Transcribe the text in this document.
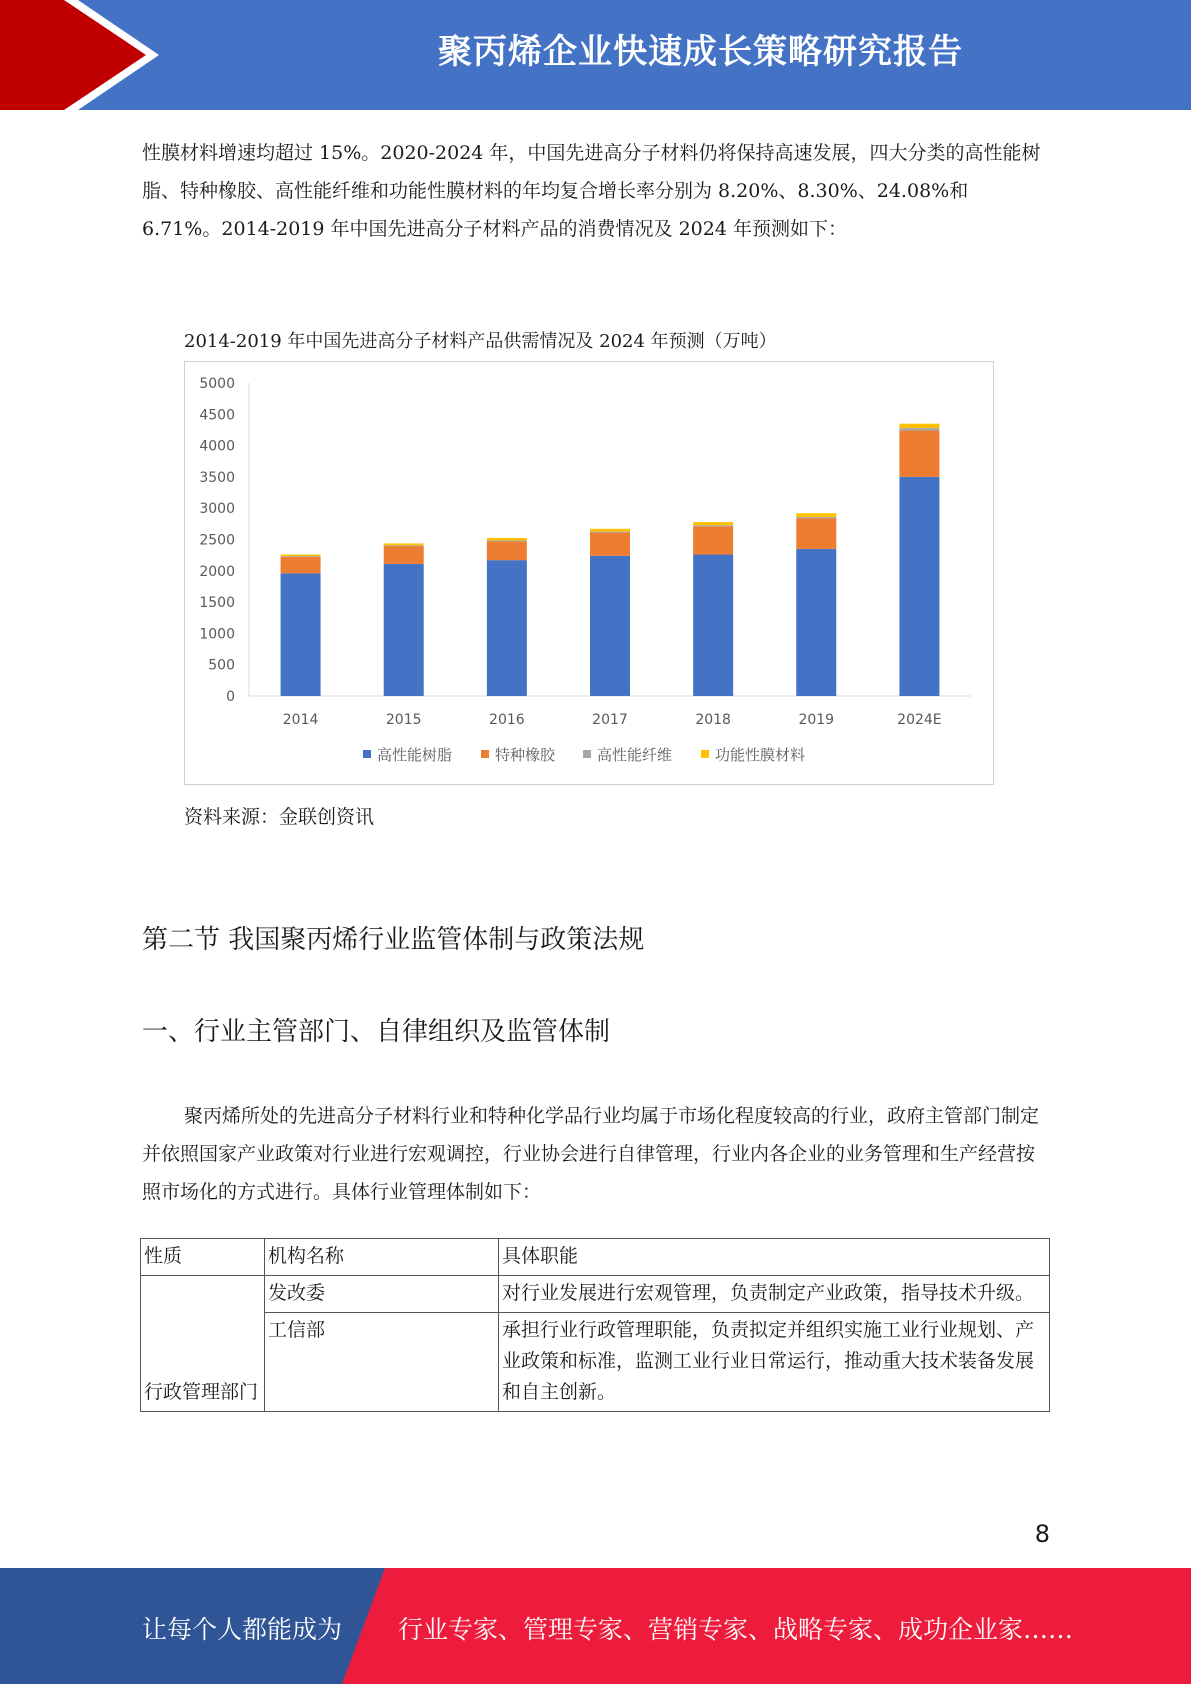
聚丙烯企业快速成长策略研究报告

性膜材料增速均超过 15%。2020-2024 年，中国先进高分子材料仍将保持高速发展，四大分类的高性能树脂、特种橡胶、高性能纤维和功能性膜材料的年均复合增长率分别为 8.20%、8.30%、24.08%和 6.71%。2014-2019 年中国先进高分子材料产品的消费情况及 2024 年预测如下：

2014-2019 年中国先进高分子材料产品供需情况及 2024 年预测（万吨）
0
500
1000
1500
2000
2500
3000
3500
4000
4500
5000
2014	2015	2016	2017	2018	2019	2024E
高性能树脂	特种橡胶	高性能纤维	功能性膜材料
资料来源：金联创资讯
第二节 我国聚丙烯行业监管体制与政策法规
一、行业主管部门、自律组织及监管体制

聚丙烯所处的先进高分子材料行业和特种化学品行业均属于市场化程度较高的行业，政府主管部门制定并依照国家产业政策对行业进行宏观调控，行业协会进行自律管理，行业内各企业的业务管理和生产经营按照市场化的方式进行。具体行业管理体制如下：

性质	机构名称	具体职能
行政管理部门	发改委	对行业发展进行宏观管理，负责制定产业政策，指导技术升级。
	工信部	承担行业行政管理职能，负责拟定并组织实施工业行业规划、产业政策和标准，监测工业行业日常运行，推动重大技术装备发展和自主创新。
8
让每个人都能成为 行业专家、管理专家、营销专家、战略专家、成功企业家……
